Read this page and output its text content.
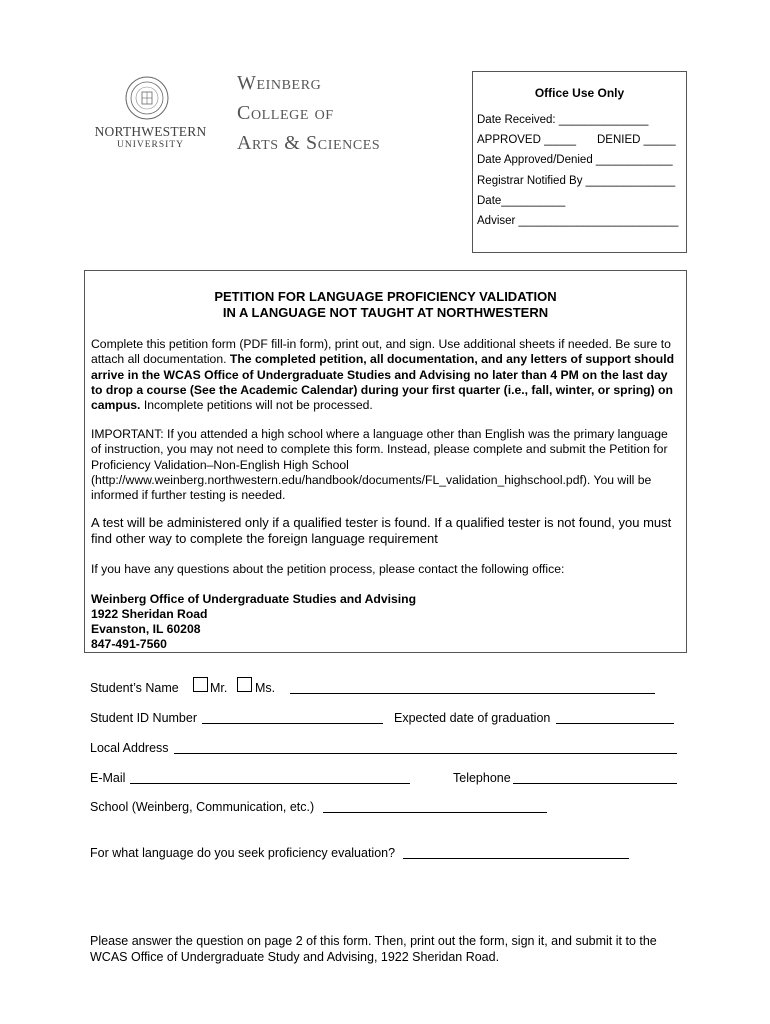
NORTHWESTERN
UNIVERSITY
Weinberg
College of
Arts & Sciences
Office Use Only
Date Received: ______________
APPROVED _____ DENIED _____
Date Approved/Denied ____________
Registrar Notified By ______________
Date__________
Adviser _________________________
PETITION FOR LANGUAGE PROFICIENCY VALIDATION
IN A LANGUAGE NOT TAUGHT AT NORTHWESTERN
Complete this petition form (PDF fill-in form), print out, and sign. Use additional sheets if needed. Be sure to attach all documentation. The completed petition, all documentation, and any letters of support should arrive in the WCAS Office of Undergraduate Studies and Advising no later than 4 PM on the last day to drop a course (See the Academic Calendar) during your first quarter (i.e., fall, winter, or spring) on campus. Incomplete petitions will not be processed.
IMPORTANT: If you attended a high school where a language other than English was the primary language of instruction, you may not need to complete this form. Instead, please complete and submit the Petition for Proficiency Validation–Non-English High School (http://www.weinberg.northwestern.edu/handbook/documents/FL_validation_highschool.pdf). You will be informed if further testing is needed.
A test will be administered only if a qualified tester is found. If a qualified tester is not found, you must find other way to complete the foreign language requirement
If you have any questions about the petition process, please contact the following office:
Weinberg Office of Undergraduate Studies and Advising
1922 Sheridan Road
Evanston, IL 60208
847-491-7560
Student’s Name	Mr. Ms.
Student ID Number	Expected date of graduation
Local Address
E-Mail	Telephone
School (Weinberg, Communication, etc.)
For what language do you seek proficiency evaluation?
Please answer the question on page 2 of this form. Then, print out the form, sign it, and submit it to the WCAS Office of Undergraduate Study and Advising, 1922 Sheridan Road.
